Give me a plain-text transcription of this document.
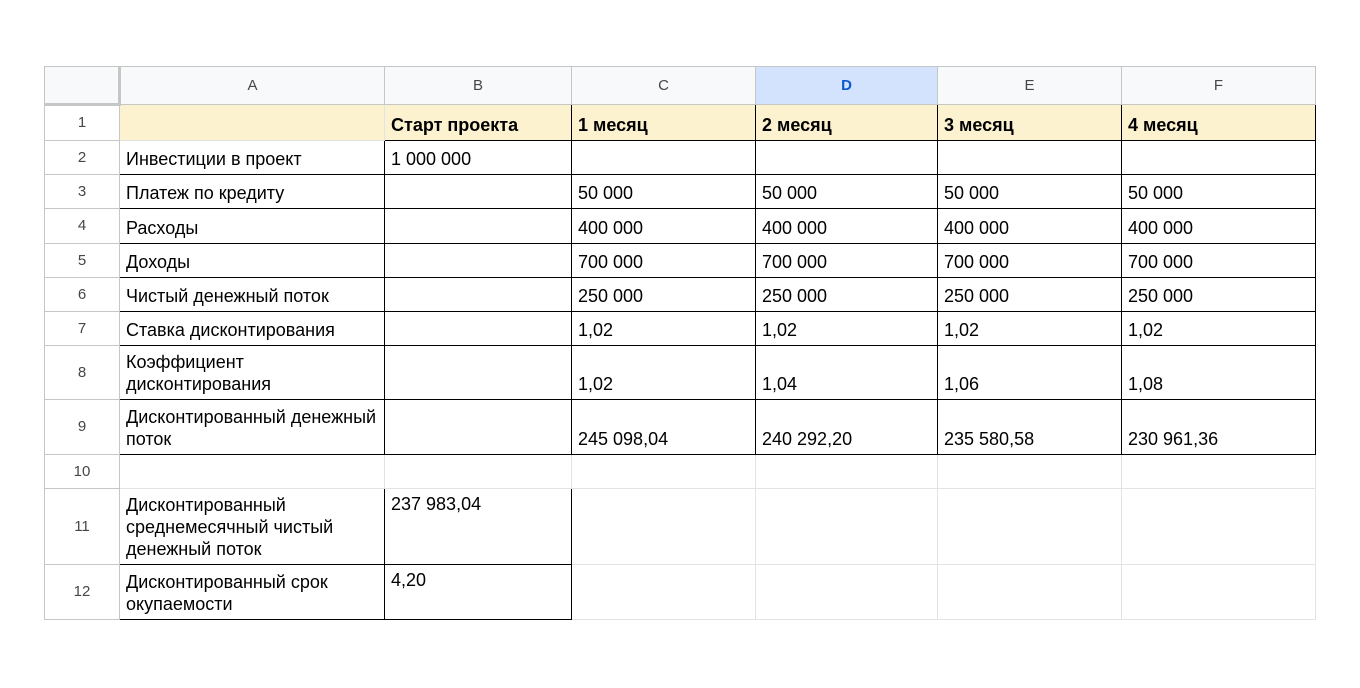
	A	B	C	D	E	F
1		Старт проекта	1 месяц	2 месяц	3 месяц	4 месяц
2	Инвестиции в проект	1 000 000				
3	Платеж по кредиту		50 000	50 000	50 000	50 000
4	Расходы		400 000	400 000	400 000	400 000
5	Доходы		700 000	700 000	700 000	700 000
6	Чистый денежный поток		250 000	250 000	250 000	250 000
7	Ставка дисконтирования		1,02	1,02	1,02	1,02
8	Коэффициент дисконтирования		1,02	1,04	1,06	1,08
9	Дисконтированный денежный поток		245 098,04	240 292,20	235 580,58	230 961,36
10						
11	Дисконтированный среднемесячный чистый денежный поток	237 983,04				
12	Дисконтированный срок окупаемости	4,20				
